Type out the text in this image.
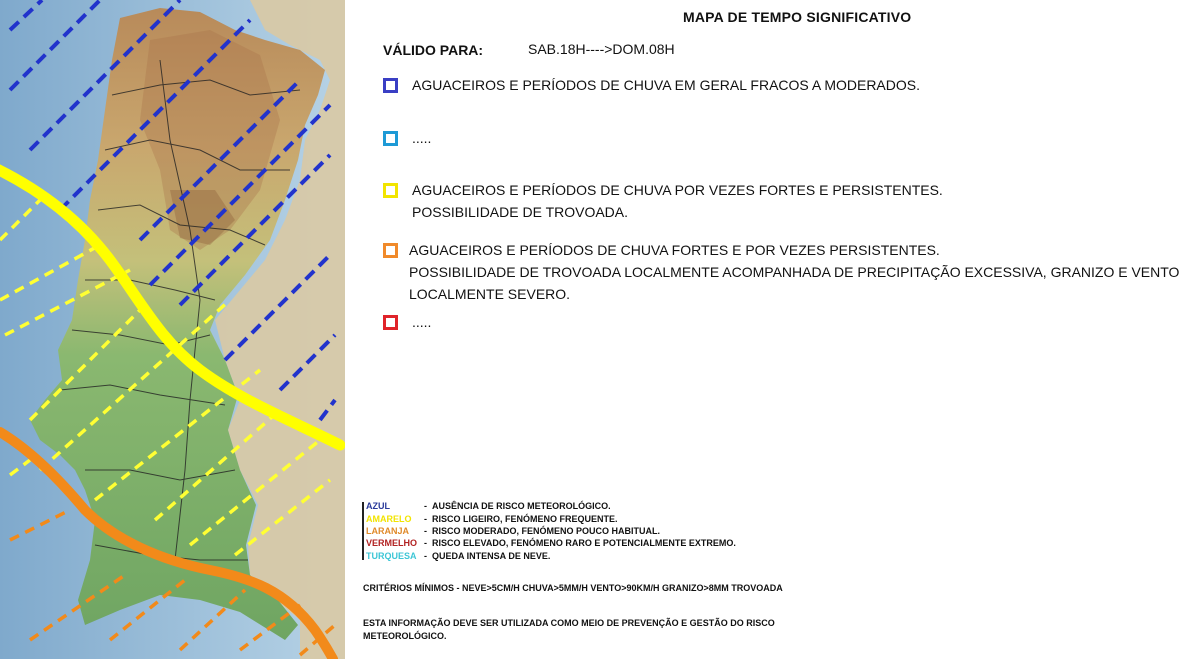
MAPA DE TEMPO SIGNIFICATIVO
VÁLIDO PARA:	SAB.18H---->DOM.08H
AGUACEIROS E PERÍODOS DE CHUVA EM GERAL FRACOS A MODERADOS.
.....
AGUACEIROS E PERÍODOS DE CHUVA POR VEZES FORTES E PERSISTENTES.
POSSIBILIDADE DE TROVOADA.
AGUACEIROS E PERÍODOS DE CHUVA FORTES E POR VEZES PERSISTENTES.
POSSIBILIDADE DE TROVOADA LOCALMENTE ACOMPANHADA DE PRECIPITAÇÃO EXCESSIVA, GRANIZO E VENTO
LOCALMENTE SEVERO.
.....
AZUL	- AUSÊNCIA DE RISCO METEOROLÓGICO.
AMARELO - RISCO LIGEIRO, FENÓMENO FREQUENTE.
LARANJA - RISCO MODERADO, FENÓMENO POUCO HABITUAL.
VERMELHO - RISCO ELEVADO, FENÓMENO RARO E POTENCIALMENTE EXTREMO.
TURQUESA - QUEDA INTENSA DE NEVE.
CRITÉRIOS MÍNIMOS - NEVE>5CM/H CHUVA>5MM/H VENTO>90KM/H GRANIZO>8MM TROVOADA
ESTA INFORMAÇÃO DEVE SER UTILIZADA COMO MEIO DE PREVENÇÃO E GESTÃO DO RISCO METEOROLÓGICO.
